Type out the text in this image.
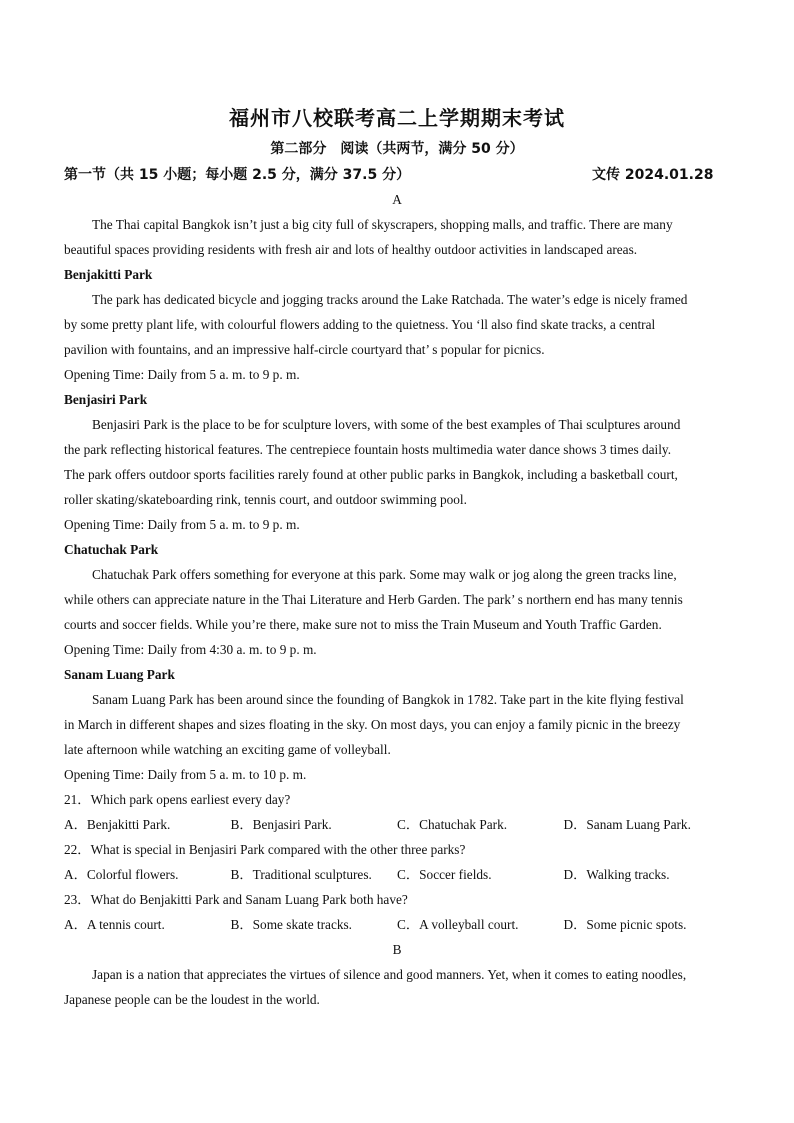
福州市八校联考高二上学期期末考试
第二部分　阅读（共两节，满分 50 分）
第一节（共 15 小题；每小题 2.5 分，满分 37.5 分）	文传 2024.01.28
A
The Thai capital Bangkok isn’t just a big city full of skyscrapers, shopping malls, and traffic. There are many
beautiful spaces providing residents with fresh air and lots of healthy outdoor activities in landscaped areas.
Benjakitti Park
The park has dedicated bicycle and jogging tracks around the Lake Ratchada. The water’s edge is nicely framed
by some pretty plant life, with colourful flowers adding to the quietness. You ‘ll also find skate tracks, a central
pavilion with fountains, and an impressive half-circle courtyard that’ s popular for picnics.
Opening Time: Daily from 5 a. m. to 9 p. m.
Benjasiri Park
Benjasiri Park is the place to be for sculpture lovers, with some of the best examples of Thai sculptures around
the park reflecting historical features. The centrepiece fountain hosts multimedia water dance shows 3 times daily.
The park offers outdoor sports facilities rarely found at other public parks in Bangkok, including a basketball court,
roller skating/skateboarding rink, tennis court, and outdoor swimming pool.
Opening Time: Daily from 5 a. m. to 9 p. m.
Chatuchak Park
Chatuchak Park offers something for everyone at this park. Some may walk or jog along the green tracks line,
while others can appreciate nature in the Thai Literature and Herb Garden. The park’ s northern end has many tennis
courts and soccer fields. While you’re there, make sure not to miss the Train Museum and Youth Traffic Garden.
Opening Time: Daily from 4:30 a. m. to 9 p. m.
Sanam Luang Park
Sanam Luang Park has been around since the founding of Bangkok in 1782. Take part in the kite flying festival
in March in different shapes and sizes floating in the sky. On most days, you can enjoy a family picnic in the breezy
late afternoon while watching an exciting game of volleyball.
Opening Time: Daily from 5 a. m. to 10 p. m.
21．Which park opens earliest every day?
A．Benjakitti Park.	B．Benjasiri Park.	C．Chatuchak Park.	D．Sanam Luang Park.
22．What is special in Benjasiri Park compared with the other three parks?
A．Colorful flowers.	B．Traditional sculptures.	C．Soccer fields.	D．Walking tracks.
23．What do Benjakitti Park and Sanam Luang Park both have?
A．A tennis court.	B．Some skate tracks.	C．A volleyball court.	D．Some picnic spots.
B
Japan is a nation that appreciates the virtues of silence and good manners. Yet, when it comes to eating noodles,
Japanese people can be the loudest in the world.
